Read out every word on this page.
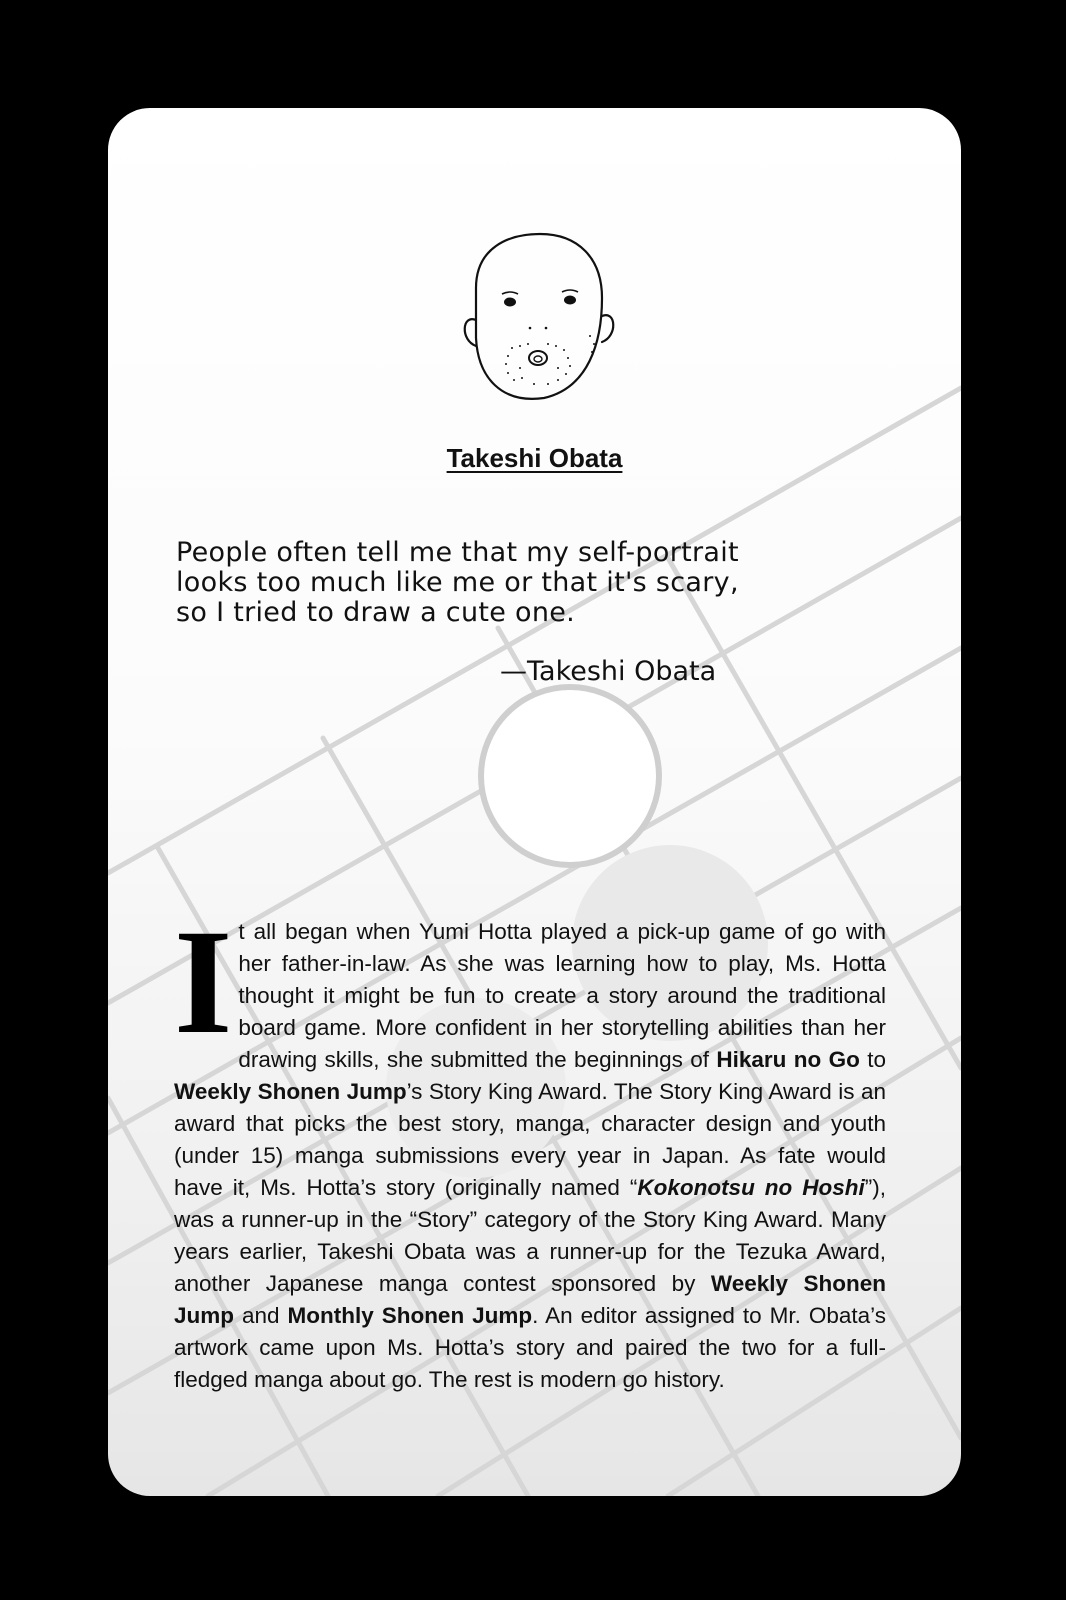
Takeshi Obata
People often tell me that my self-portrait
looks too much like me or that it's scary,
so I tried to draw a cute one.
—Takeshi Obata
It all began when Yumi Hotta played a pick-up game of go with her father-in-law. As she was learning how to play, Ms. Hotta thought it might be fun to create a story around the traditional board game. More confident in her storytelling abilities than her drawing skills, she submitted the beginnings of Hikaru no Go to Weekly Shonen Jump’s Story King Award. The Story King Award is an award that picks the best story, manga, character design and youth (under 15) manga submissions every year in Japan. As fate would have it, Ms. Hotta’s story (originally named “Kokonotsu no Hoshi”), was a runner-up in the “Story” category of the Story King Award. Many years earlier, Takeshi Obata was a runner-up for the Tezuka Award, another Japanese manga contest sponsored by Weekly Shonen Jump and Monthly Shonen Jump. An editor assigned to Mr. Obata’s artwork came upon Ms. Hotta’s story and paired the two for a full-fledged manga about go. The rest is modern go history.
